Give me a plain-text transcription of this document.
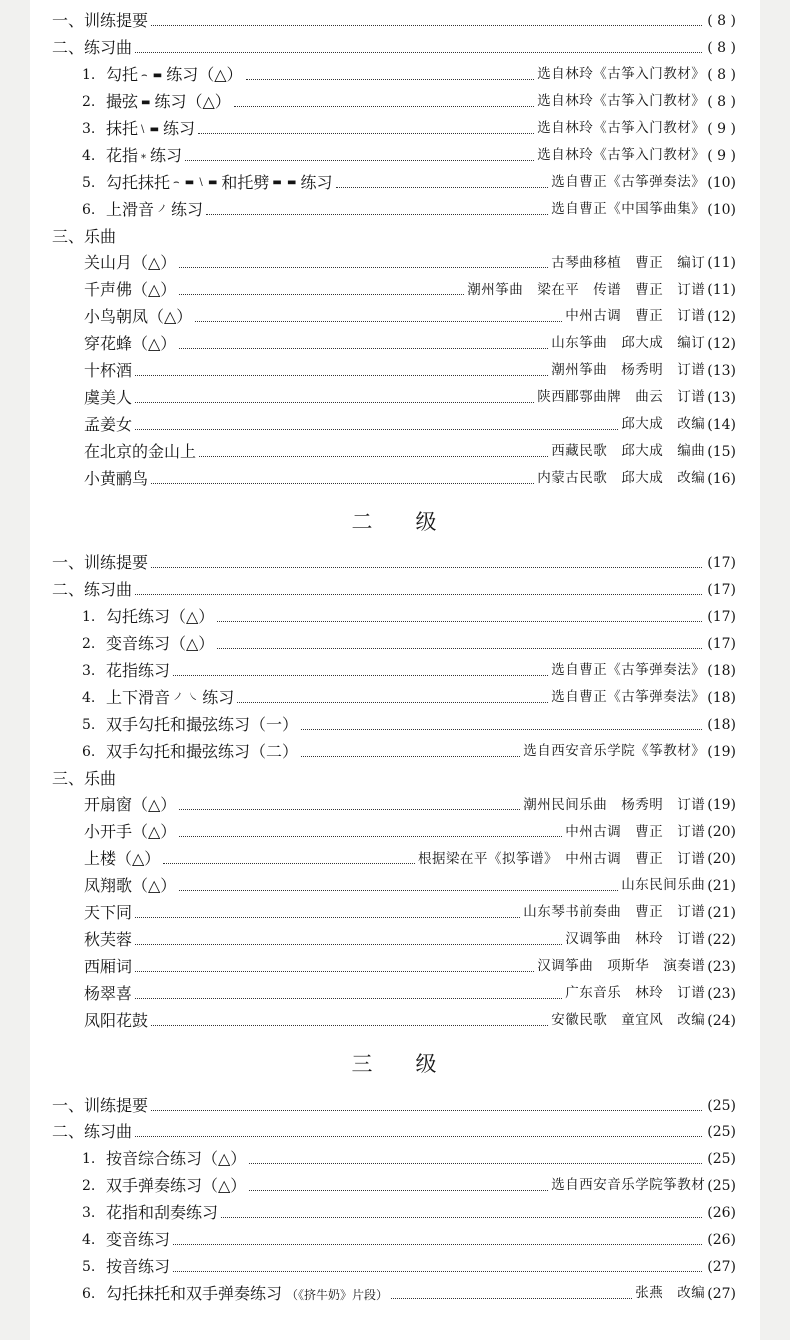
一、训练提要	( 8 )
二、练习曲	( 8 )
1. 勾托 ⌢ ▬ 练习（△）	选自林玲《古筝入门教材》 ( 8 )
2. 撮弦 ▬ 练习（△）	选自林玲《古筝入门教材》 ( 8 )
3. 抹托 \ ▬ 练习	选自林玲《古筝入门教材》 ( 9 )
4. 花指 ⁎ 练习	选自林玲《古筝入门教材》 ( 9 )
5. 勾托抹托 ⌢ ▬ \ ▬ 和托劈 ▬ ▬ 练习	选自曹正《古筝弹奏法》 (10)
6. 上滑音 ノ 练习	选自曹正《中国筝曲集》 (10)
三、乐曲
关山月（△）	古琴曲移植　曹正　编订 (11)
千声佛（△）	潮州筝曲　梁在平　传谱　曹正　订谱 (11)
小鸟朝凤（△）	中州古调　曹正　订谱 (12)
穿花蜂（△）	山东筝曲　邱大成　编订 (12)
十杯酒	潮州筝曲　杨秀明　订谱 (13)
虞美人	陕西郿鄠曲牌　曲云　订谱 (13)
孟姜女	邱大成　改编 (14)
在北京的金山上	西藏民歌　邱大成　编曲 (15)
小黄鹂鸟	内蒙古民歌　邱大成　改编 (16)
二 级
一、训练提要	(17)
二、练习曲	(17)
1. 勾托练习（△）	(17)
2. 变音练习（△）	(17)
3. 花指练习	选自曹正《古筝弹奏法》 (18)
4. 上下滑音 ノ ㇏ 练习	选自曹正《古筝弹奏法》 (18)
5. 双手勾托和撮弦练习（一）	(18)
6. 双手勾托和撮弦练习（二）	选自西安音乐学院《筝教材》 (19)
三、乐曲
开扇窗（△）	潮州民间乐曲　杨秀明　订谱 (19)
小开手（△）	中州古调　曹正　订谱 (20)
上楼（△）	根据梁在平《拟筝谱》　中州古调　曹正　订谱 (20)
凤翔歌（△）	山东民间乐曲 (21)
天下同	山东琴书前奏曲　曹正　订谱 (21)
秋芙蓉	汉调筝曲　林玲　订谱 (22)
西厢词	汉调筝曲　项斯华　演奏谱 (23)
杨翠喜	广东音乐　林玲　订谱 (23)
凤阳花鼓	安徽民歌　童宜风　改编 (24)
三 级
一、训练提要	(25)
二、练习曲	(25)
1. 按音综合练习（△）	(25)
2. 双手弹奏练习（△）	选自西安音乐学院筝教材 (25)
3. 花指和刮奏练习	(26)
4. 变音练习	(26)
5. 按音练习	(27)
6. 勾托抹托和双手弹奏练习 （《挤牛奶》片段）	张燕　改编 (27)
